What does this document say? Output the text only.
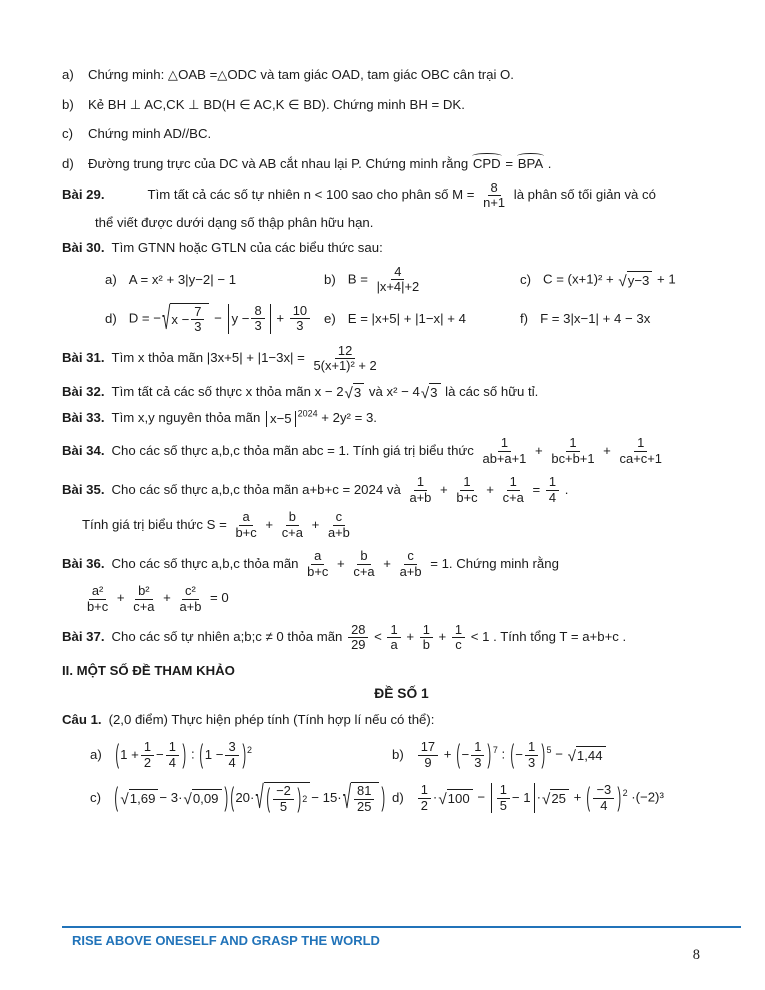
a) Chứng minh: △OAB =△ODC và tam giác OAD, tam giác OBC cân trại O.
b) Kẻ BH ⊥ AC,CK ⊥ BD(H ∈ AC,K ∈ BD). Chứng minh BH = DK.
c) Chứng minh AD//BC.
d) Đường trung trực của DC và AB cắt nhau lại P. Chứng minh rằng CPD = BPA .
Bài 29.	Tìm tất cả các số tự nhiên n < 100 sao cho phân số $M = \frac{8}{n+1}$ là phân số tối giản và có
thể viết được dưới dạng số thập phân hữu hạn.
Bài 30. Tìm GTNN hoặc GTLN của các biểu thức sau:
a) A = x² + 3|y−2| − 1	b) $B = \frac{4}{|x+4|+2}$	c) C = (x+1)² + √ y−3 + 1
d) D = − √ $x - \frac{7}{3} - y - \frac{8}{3} + \frac{10}{3} e$) E = |x+5| + |1−x| + 4	f) F = 3|x−1| + 4 − 3x
Bài 31. Tìm x thỏa mãn $|3x+5| + |1-3x| = \frac{12}{\text{5(x+1)² + 2}}$
Bài 32. Tìm tất cả các số thực x thỏa mãn x − 2 √ 3 và x² − 4 √ 3 là các số hữu tỉ.
Bài 33. Tìm x,y nguyên thỏa mãn x−5 $^{2024}$ + 2y² = 3.
Bài 34. Cho các số thực a,b,c thỏa mãn abc = 1. Tính giá trị biểu thức $\frac{1}{ab+a+1} + \frac{1}{bc+b+1} + \frac{1}{ca+c+1}$
Bài 35. Cho các số thực a,b,c thỏa mãn a+b+c = 2024 và $\frac{1}{a+b} + \frac{1}{b+c} + \frac{1}{c+a} = \frac{1}{4}$ .
Tính giá trị biểu thức $S = \frac{a}{b+c} + \frac{b}{c+a} + \frac{c}{a+b}$
Bài 36. Cho các số thực a,b,c thỏa mãn $\frac{a}{b+c} + \frac{b}{c+a} + \frac{c}{a+b} = 1$. Chứng minh rằng
$\frac{\text{a²}}{b+c} + \frac{\text{b²}}{c+a} + \frac{\text{c²}}{a+b} = 0$
Bài 37. Cho các số tự nhiên a;b;c ≠ 0 thỏa mãn $\frac{28}{29} < \frac{1}{a} + \frac{1}{b} + \frac{1}{c} < 1$ . Tính tổng T = a+b+c .
II. MỘT SỐ ĐỀ THAM KHẢO
ĐỀ SỐ 1
Câu 1. (2,0 điểm) Thực hiện phép tính (Tính hợp lí nếu có thể):
a) ( $1 + \frac{1}{2} - \frac{1}{4}$ ) : ( $1 - \frac{3}{4}$ ) $^2$	$b) \frac{17}{9}$ + ( − $\frac{1}{3}$ ) $^7$ : ( − $\frac{1}{3}$ ) $^5$ − √ 1,44
c) ( √ 1,69 − 3· √ 0,09 ) ( 20· √ ( $\frac{-2}{5}$ ) 2 − 15· √ $\frac{81}{25}$ ) $d) \frac{1}{2}$ · √ $100 - \frac{1}{5} - 1$ · √ 25 + ( $\frac{-3}{4}$ ) $^2$ ·(−2)³
RISE ABOVE ONESELF AND GRASP THE WORLD
8
